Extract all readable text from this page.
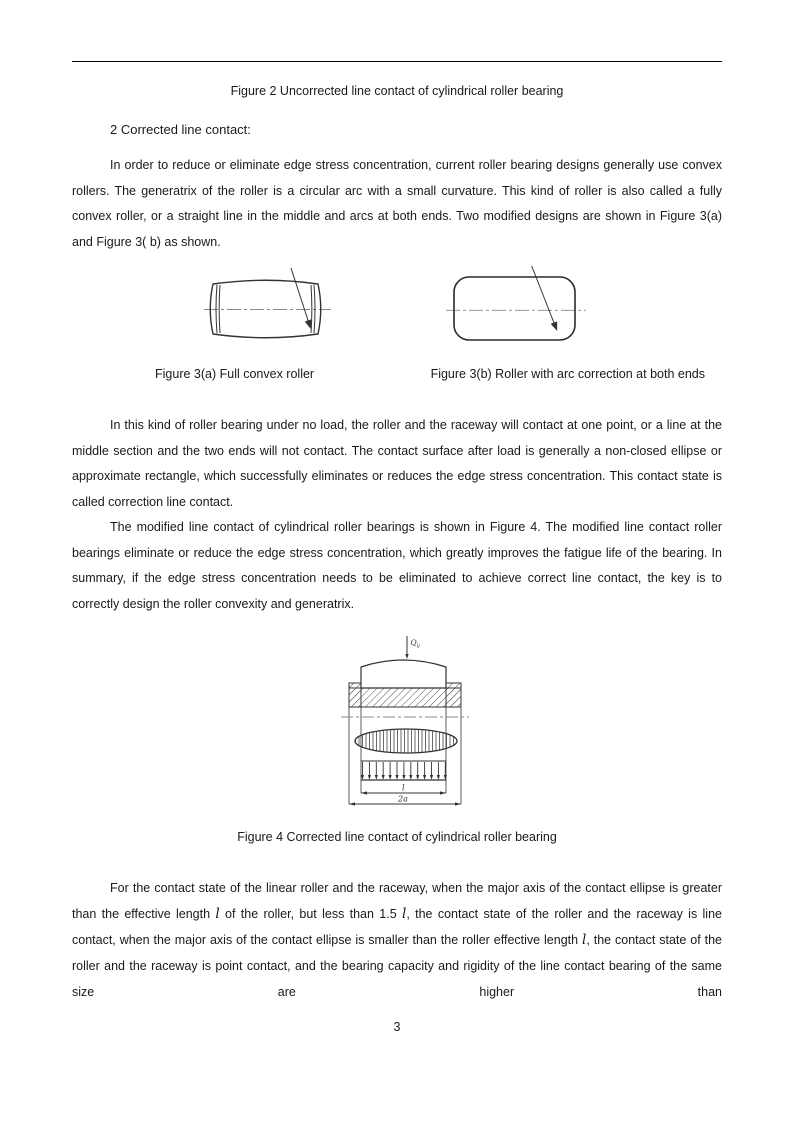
Figure 2 Uncorrected line contact of cylindrical roller bearing
2 Corrected line contact:

In order to reduce or eliminate edge stress concentration, current roller bearing designs generally use convex rollers. The generatrix of the roller is a circular arc with a small curvature. This kind of roller is also called a fully convex roller, or a straight line in the middle and arcs at both ends. Two modified designs are shown in Figure 3(a) and Figure 3( b) as shown.

Figure 3(a) Full convex roller	Figure 3(b) Roller with arc correction at both ends

In this kind of roller bearing under no load, the roller and the raceway will contact at one point, or a line at the middle section and the two ends will not contact. The contact surface after load is generally a non-closed ellipse or approximate rectangle, which successfully eliminates or reduces the edge stress concentration. This contact state is called correction line contact.

The modified line contact of cylindrical roller bearings is shown in Figure 4. The modified line contact roller bearings eliminate or reduce the edge stress concentration, which greatly improves the fatigue life of the bearing. In summary, if the edge stress concentration needs to be eliminated to achieve correct line contact, the key is to correctly design the roller convexity and generatrix.

$Q_{ij}$
l
2a
Figure 4 Corrected line contact of cylindrical roller bearing

For the contact state of the linear roller and the raceway, when the major axis of the contact ellipse is greater than the effective length l of the roller, but less than 1.5 l, the contact state of the roller and the raceway is line contact, when the major axis of the contact ellipse is smaller than the roller effective length l, the contact state of the roller and the raceway is point contact, and the bearing capacity and rigidity of the line contact bearing of the same size are higher than

3
